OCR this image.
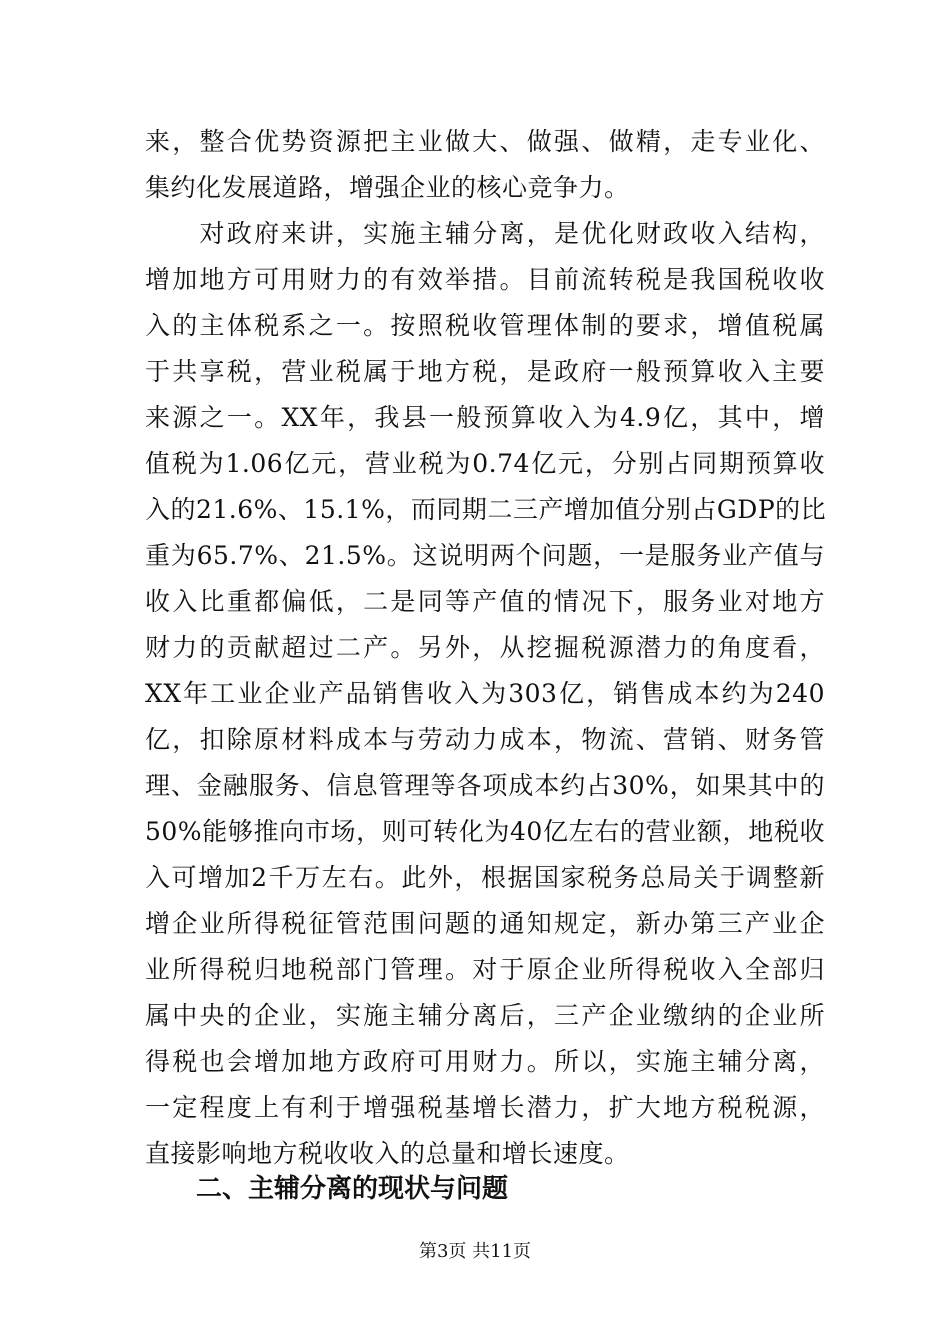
来，整合优势资源把主业做大、做强、做精，走专业化、
集约化发展道路，增强企业的核心竞争力。
　　对政府来讲，实施主辅分离，是优化财政收入结构，
增加地方可用财力的有效举措。目前流转税是我国税收收
入的主体税系之一。按照税收管理体制的要求，增值税属
于共享税，营业税属于地方税，是政府一般预算收入主要
来源之一。XX年，我县一般预算收入为4.9亿，其中，增
值税为1.06亿元，营业税为0.74亿元，分别占同期预算收
入的21.6%、15.1%，而同期二三产增加值分别占GDP的比
重为65.7%、21.5%。这说明两个问题，一是服务业产值与
收入比重都偏低，二是同等产值的情况下，服务业对地方
财力的贡献超过二产。另外，从挖掘税源潜力的角度看，
XX年工业企业产品销售收入为303亿，销售成本约为240
亿，扣除原材料成本与劳动力成本，物流、营销、财务管
理、金融服务、信息管理等各项成本约占30%，如果其中的
50%能够推向市场，则可转化为40亿左右的营业额，地税收
入可增加2千万左右。此外，根据国家税务总局关于调整新
增企业所得税征管范围问题的通知规定，新办第三产业企
业所得税归地税部门管理。对于原企业所得税收入全部归
属中央的企业，实施主辅分离后，三产企业缴纳的企业所
得税也会增加地方政府可用财力。所以，实施主辅分离，
一定程度上有利于增强税基增长潜力，扩大地方税税源，
直接影响地方税收收入的总量和增长速度。
二、主辅分离的现状与问题
第3页 共11页
